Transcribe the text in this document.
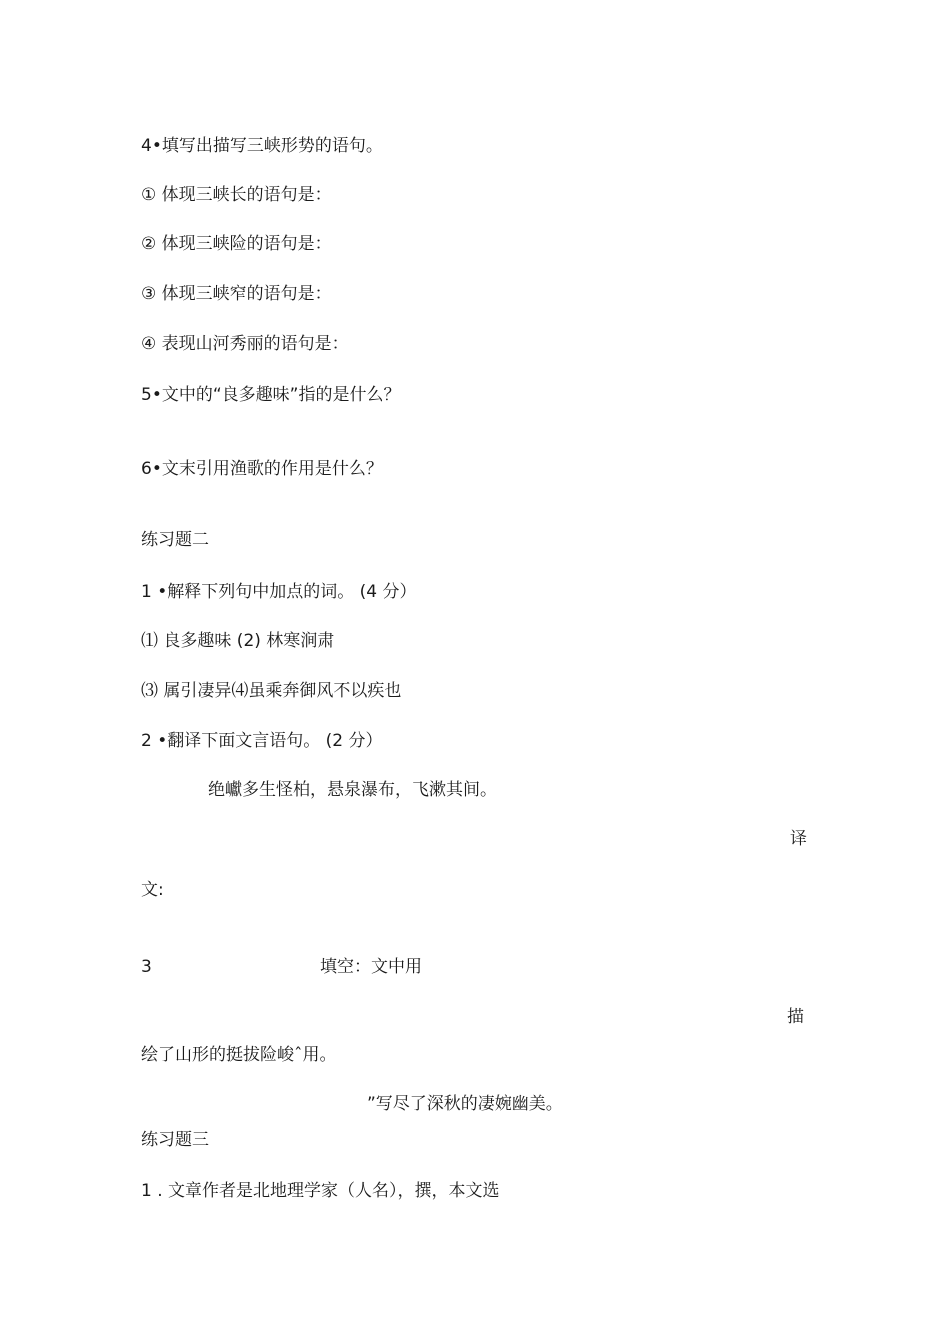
4•填写出描写三峡形势的语句。
① 体现三峡长的语句是：
② 体现三峡险的语句是：
③ 体现三峡窄的语句是：
④ 表现山河秀丽的语句是：
5•文中的“良多趣味”指的是什么？
6•文末引用渔歌的作用是什么？
练习题二
1 •解释下列句中加点的词。 (4 分）
⑴ 良多趣味 (2) 林寒涧肃
⑶ 属引凄异⑷虽乘奔御风不以疾也
2 •翻译下面文言语句。 (2 分）
绝巘多生怪柏，悬泉瀑布，飞漱其间。
译
文:
3	填空：文中用
描
绘了山形的挺拔险峻ˆ用。
”写尽了深秋的凄婉幽美。
练习题三
1 . 文章作者是北地理学家（人名），撰，本文选
